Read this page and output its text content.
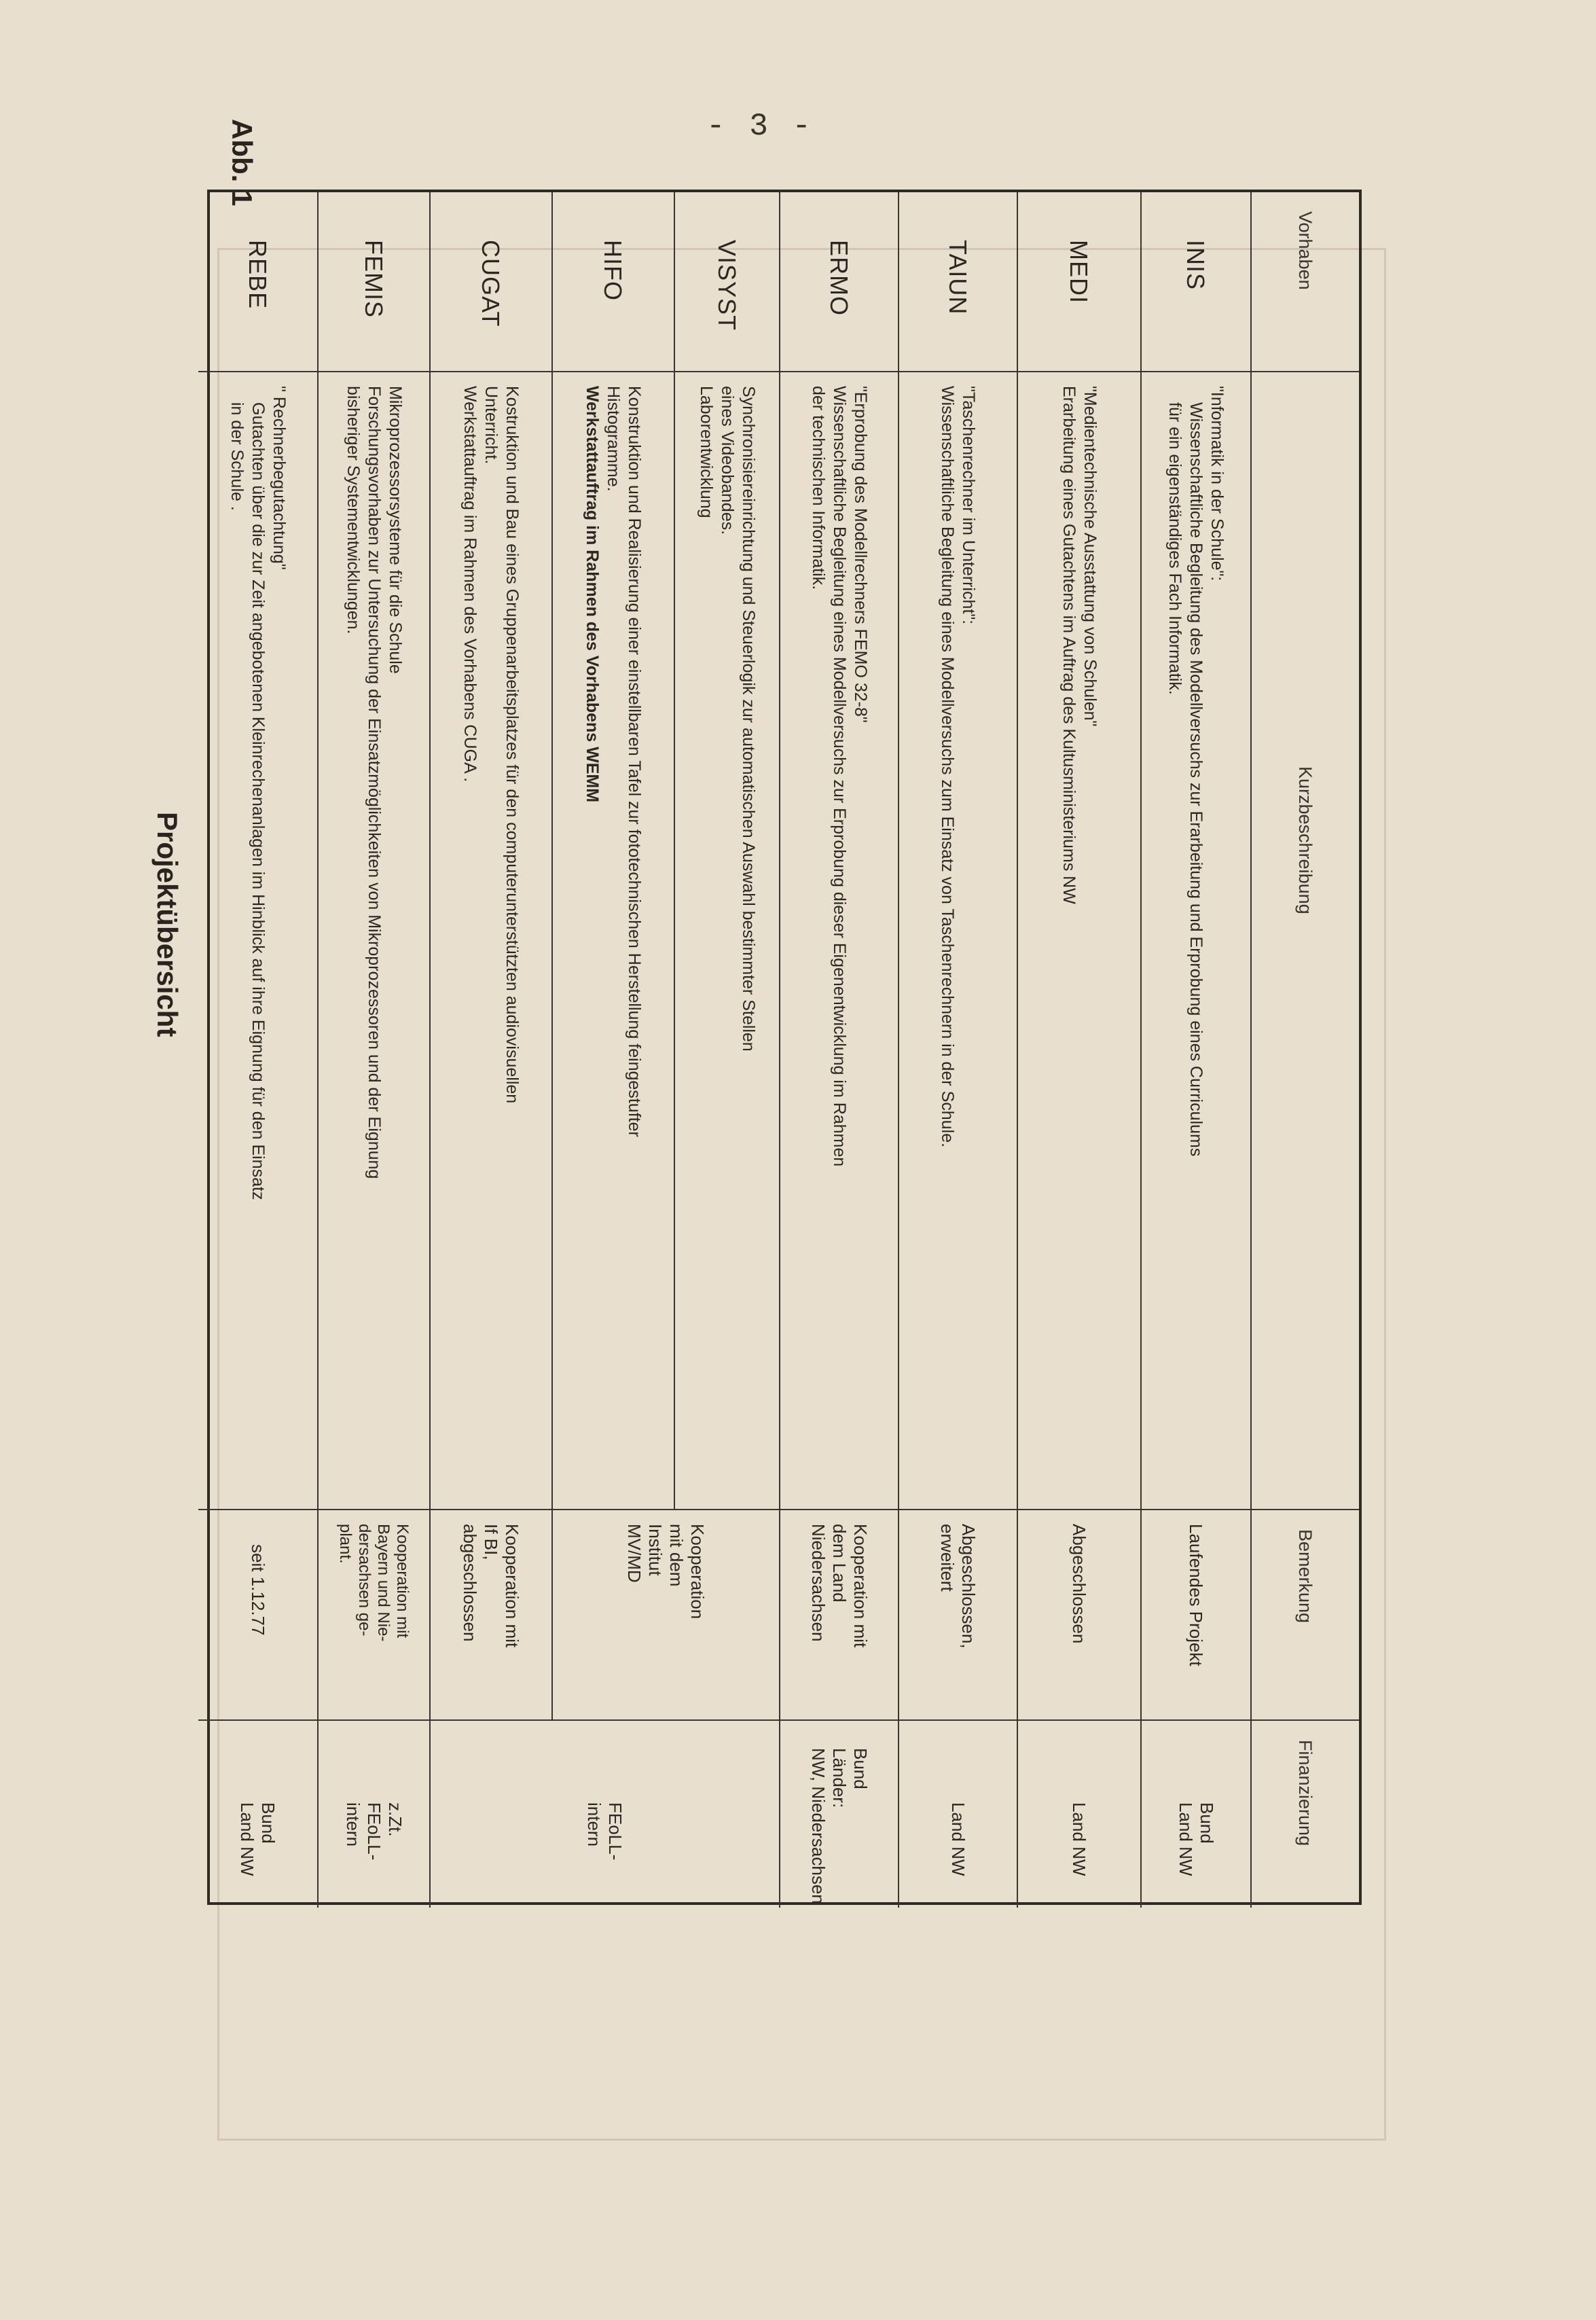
- 3 -
Abb. 1
Projektübersicht
Vorhaben
Kurzbeschreibung
Bemerkung
Finanzierung
INIS
"Informatik in der Schule":
Wissenschaftliche Begleitung des Modellversuchs zur Erarbeitung und Erprobung eines Curriculums
für ein eigenständiges Fach Informatik.
Laufendes Projekt
Bund
Land NW
MEDI
"Medientechnische Ausstattung von Schulen"
Erarbeitung eines Gutachtens im Auftrag des Kultusministeriums NW
Abgeschlossen
Land NW
TAIUN
"Taschenrechner im Unterricht":
Wissenschaftliche Begleitung eines Modellversuchs zum Einsatz von Taschenrechnern in der Schule.
Abgeschlossen,
erweitert
Land NW
ERMO
"Erprobung des Modellrechners FEMO 32-8"
Wissenschaftliche Begleitung eines Modellversuchs zur Erprobung dieser Eigenentwicklung im Rahmen
der technischen Informatik.
Kooperation mit
dem Land
Niedersachsen
Bund
Länder:
NW, Niedersachsen
VISYST
Synchronisiereinrichtung und Steuerlogik zur automatischen Auswahl bestimmter Stellen
eines Videobandes.
Laborentwicklung
Kooperation
mit dem
Institut
MV/MD
FEoLL-
intern
HIFO
Konstruktion und Realisierung einer einstellbaren Tafel zur fototechnischen Herstellung feingestufter
Histogramme.
Werkstattauftrag im Rahmen des Vorhabens WEMM
CUGAT
Kostruktion und Bau eines Gruppenarbeitsplatzes für den computerunterstützten audiovisuellen
Unterricht.
Werkstattauftrag im Rahmen des Vorhabens CUGA .
Kooperation mit
If BI,
abgeschlossen
FEMIS
Mikroprozessorsysteme für die Schule
Forschungsvorhaben zur Untersuchung der Einsatzmöglichkeiten von Mikroprozessoren und der Eignung
bisheriger Systementwicklungen.
Kooperation mit
Bayern und Nie-
dersachsen ge-
plant.
z.Zt.
FEoLL-
intern
REBE
" Rechnerbegutachtung"
Gutachten über die zur Zeit angebotenen Kleinrechenanlagen im Hinblick auf ihre Eignung für den Einsatz
in der Schule .
seit 1.12.77
Bund
Land NW
